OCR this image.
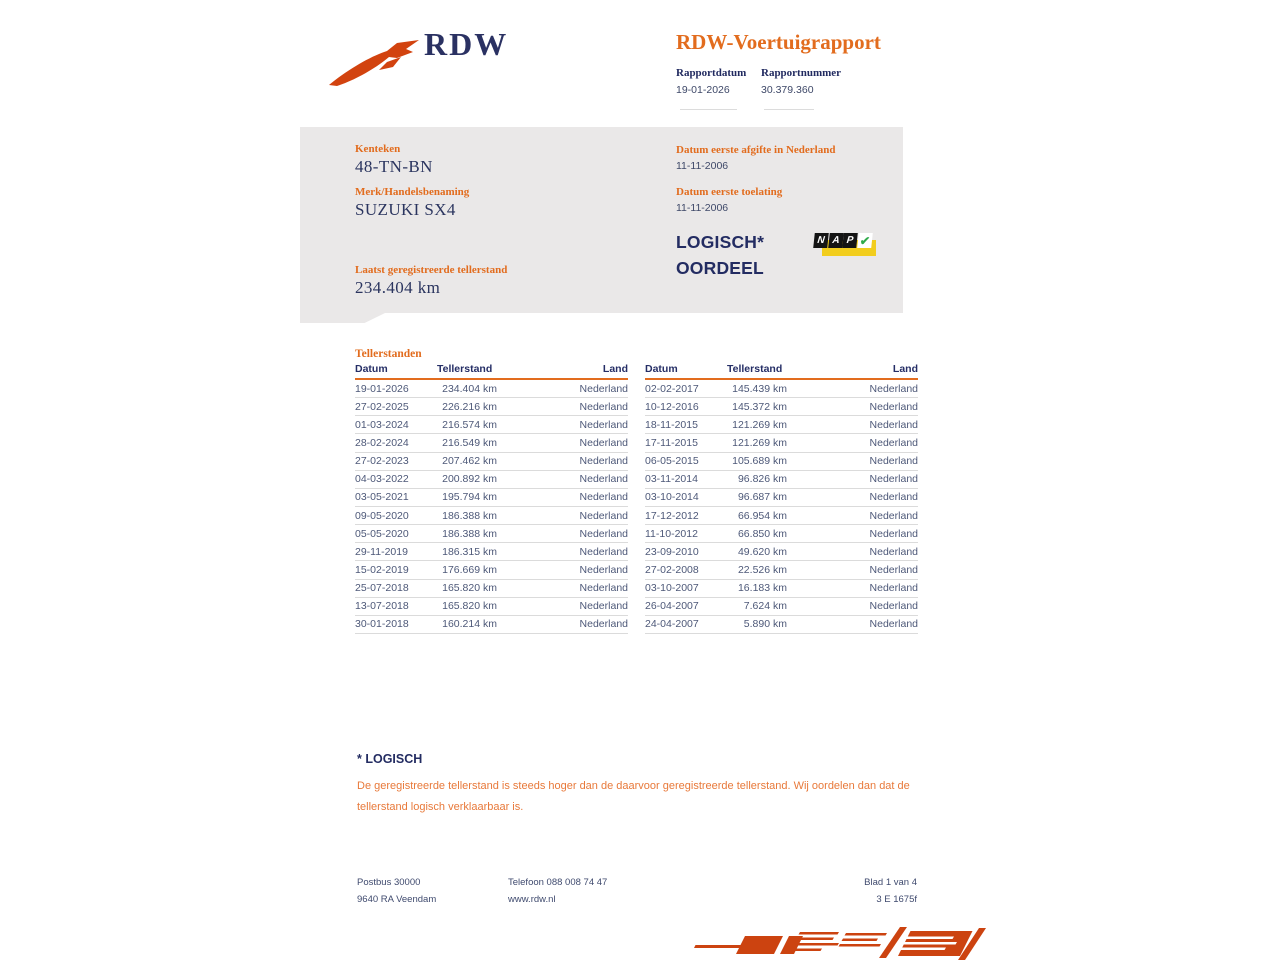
RDW	RDW-Voertuigrapport
Rapportdatum Rapportnummer
19-01-2026	30.379.360
Kenteken
48-TN-BN
Merk/Handelsbenaming
SUZUKI SX4
Laatst geregistreerde tellerstand
234.404 km
Datum eerste afgifte in Nederland
11-11-2006
Datum eerste toelating
11-11-2006
LOGISCH*
OORDEEL
N A P ✔
Tellerstanden
Datum	Tellerstand	Land
19-01-2026	234.404 km	Nederland
27-02-2025	226.216 km	Nederland
01-03-2024	216.574 km	Nederland
28-02-2024	216.549 km	Nederland
27-02-2023	207.462 km	Nederland
04-03-2022	200.892 km	Nederland
03-05-2021	195.794 km	Nederland
09-05-2020	186.388 km	Nederland
05-05-2020	186.388 km	Nederland
29-11-2019	186.315 km	Nederland
15-02-2019	176.669 km	Nederland
25-07-2018	165.820 km	Nederland
13-07-2018	165.820 km	Nederland
30-01-2018	160.214 km	Nederland
Datum	Tellerstand	Land
02-02-2017	145.439 km	Nederland
10-12-2016	145.372 km	Nederland
18-11-2015	121.269 km	Nederland
17-11-2015	121.269 km	Nederland
06-05-2015	105.689 km	Nederland
03-11-2014	96.826 km	Nederland
03-10-2014	96.687 km	Nederland
17-12-2012	66.954 km	Nederland
11-10-2012	66.850 km	Nederland
23-09-2010	49.620 km	Nederland
27-02-2008	22.526 km	Nederland
03-10-2007	16.183 km	Nederland
26-04-2007	7.624 km	Nederland
24-04-2007	5.890 km	Nederland
* LOGISCH
De geregistreerde tellerstand is steeds hoger dan de daarvoor geregistreerde tellerstand. Wij oordelen dan dat de
tellerstand logisch verklaarbaar is.
Postbus 30000
9640 RA Veendam
Telefoon 088 008 74 47
www.rdw.nl
Blad 1 van 4
3 E 1675f
